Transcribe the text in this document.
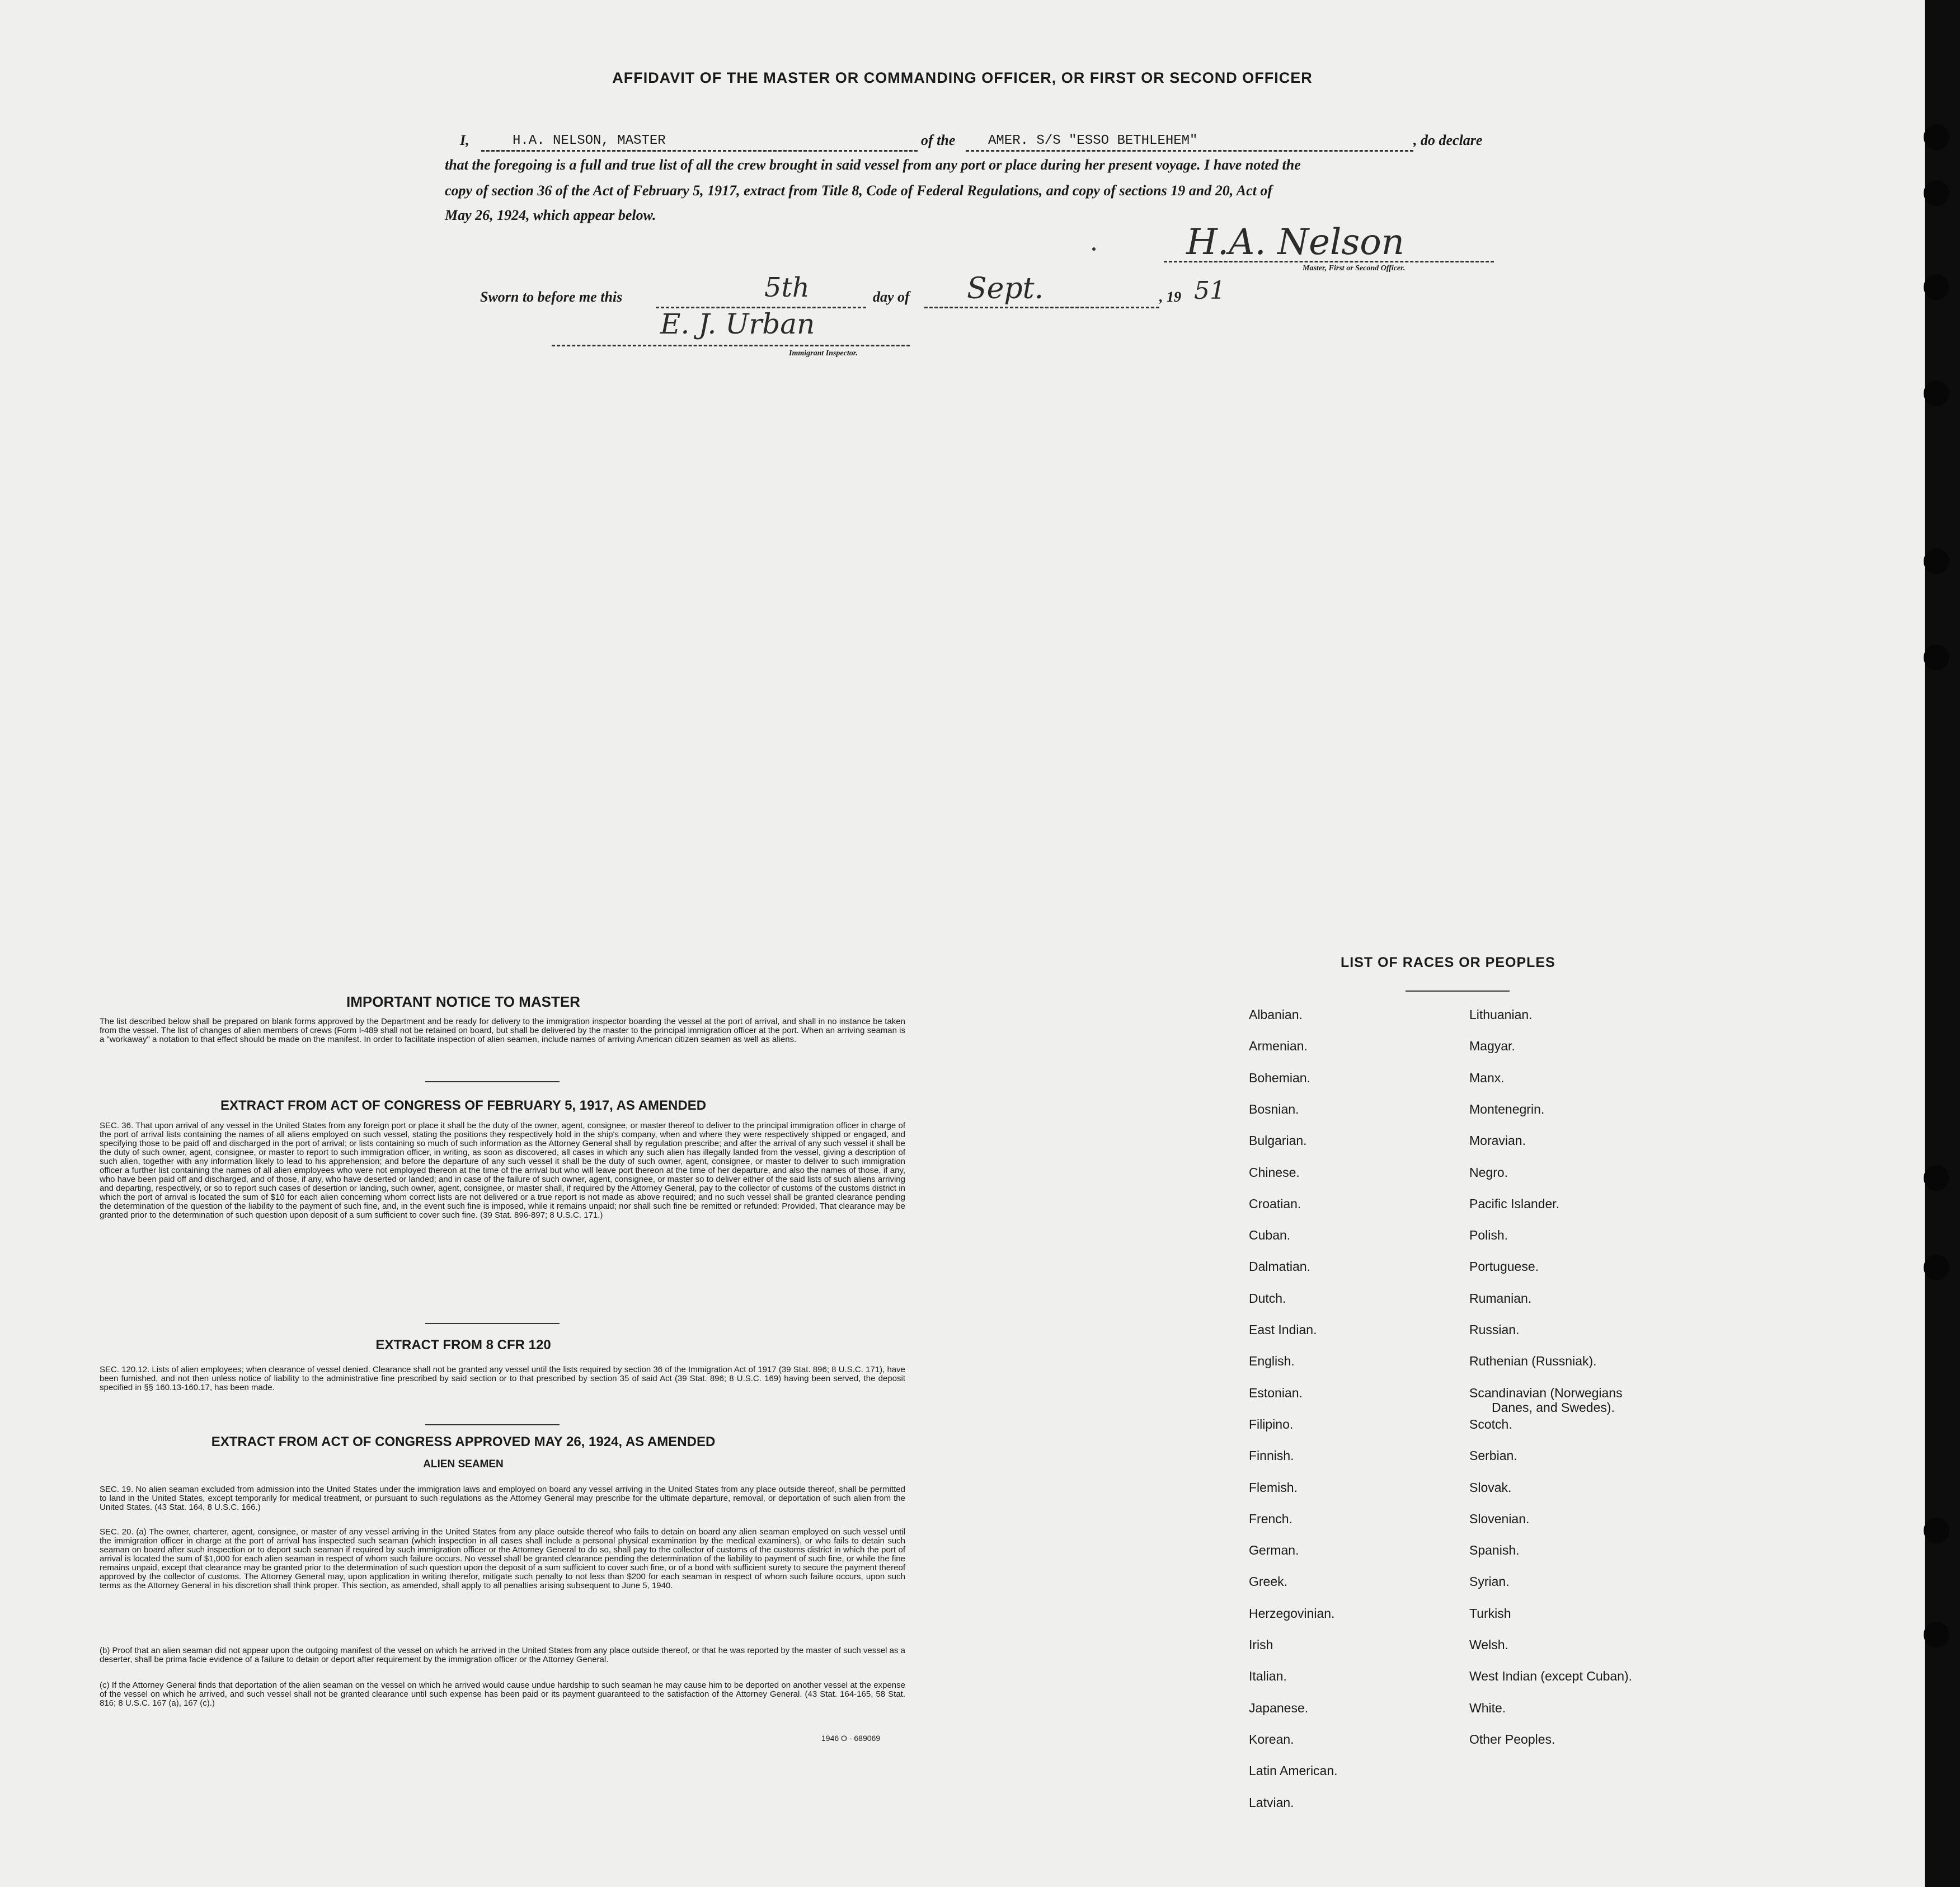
AFFIDAVIT OF THE MASTER OR COMMANDING OFFICER, OR FIRST OR SECOND OFFICER
I,	H.A. NELSON, MASTER	of the AMER. S/S "ESSO BETHLEHEM"	, do declare
that the foregoing is a full and true list of all the crew brought in said vessel from any port or place during her present voyage. I have noted the
copy of section 36 of the Act of February 5, 1917, extract from Title 8, Code of Federal Regulations, and copy of sections 19 and 20, Act of
May 26, 1924, which appear below.
H.A. Nelson
Master, First or Second Officer.
Sworn to before me this	5th	day of Sept.	, 19 51
E. J. Urban
Immigrant Inspector.
IMPORTANT NOTICE TO MASTER
The list described below shall be prepared on blank forms approved by the Department and be ready for delivery to the immigration inspector boarding the vessel at the port of arrival, and shall in no instance be taken from the vessel. The list of changes of alien members of crews (Form I-489 shall not be retained on board, but shall be delivered by the master to the principal immigration officer at the port. When an arriving seaman is a "workaway" a notation to that effect should be made on the manifest. In order to facilitate inspection of alien seamen, include names of arriving American citizen seamen as well as aliens.
EXTRACT FROM ACT OF CONGRESS OF FEBRUARY 5, 1917, AS AMENDED
SEC. 36. That upon arrival of any vessel in the United States from any foreign port or place it shall be the duty of the owner, agent, consignee, or master thereof to deliver to the principal immigration officer in charge of the port of arrival lists containing the names of all aliens employed on such vessel, stating the positions they respectively hold in the ship's company, when and where they were respectively shipped or engaged, and specifying those to be paid off and discharged in the port of arrival; or lists containing so much of such information as the Attorney General shall by regulation prescribe; and after the arrival of any such vessel it shall be the duty of such owner, agent, consignee, or master to report to such immigration officer, in writing, as soon as discovered, all cases in which any such alien has illegally landed from the vessel, giving a description of such alien, together with any information likely to lead to his apprehension; and before the departure of any such vessel it shall be the duty of such owner, agent, consignee, or master to deliver to such immigration officer a further list containing the names of all alien employees who were not employed thereon at the time of the arrival but who will leave port thereon at the time of her departure, and also the names of those, if any, who have been paid off and discharged, and of those, if any, who have deserted or landed; and in case of the failure of such owner, agent, consignee, or master so to deliver either of the said lists of such aliens arriving and departing, respectively, or so to report such cases of desertion or landing, such owner, agent, consignee, or master shall, if required by the Attorney General, pay to the collector of customs of the customs district in which the port of arrival is located the sum of $10 for each alien concerning whom correct lists are not delivered or a true report is not made as above required; and no such vessel shall be granted clearance pending the determination of the question of the liability to the payment of such fine, and, in the event such fine is imposed, while it remains unpaid; nor shall such fine be remitted or refunded: Provided, That clearance may be granted prior to the determination of such question upon deposit of a sum sufficient to cover such fine. (39 Stat. 896-897; 8 U.S.C. 171.)
EXTRACT FROM 8 CFR 120
SEC. 120.12. Lists of alien employees; when clearance of vessel denied. Clearance shall not be granted any vessel until the lists required by section 36 of the Immigration Act of 1917 (39 Stat. 896; 8 U.S.C. 171), have been furnished, and not then unless notice of liability to the administrative fine prescribed by said section or to that prescribed by section 35 of said Act (39 Stat. 896; 8 U.S.C. 169) having been served, the deposit specified in §§ 160.13-160.17, has been made.
EXTRACT FROM ACT OF CONGRESS APPROVED MAY 26, 1924, AS AMENDED
ALIEN SEAMEN
SEC. 19. No alien seaman excluded from admission into the United States under the immigration laws and employed on board any vessel arriving in the United States from any place outside thereof, shall be permitted to land in the United States, except temporarily for medical treatment, or pursuant to such regulations as the Attorney General may prescribe for the ultimate departure, removal, or deportation of such alien from the United States. (43 Stat. 164, 8 U.S.C. 166.)
SEC. 20. (a) The owner, charterer, agent, consignee, or master of any vessel arriving in the United States from any place outside thereof who fails to detain on board any alien seaman employed on such vessel until the immigration officer in charge at the port of arrival has inspected such seaman (which inspection in all cases shall include a personal physical examination by the medical examiners), or who fails to detain such seaman on board after such inspection or to deport such seaman if required by such immigration officer or the Attorney General to do so, shall pay to the collector of customs of the customs district in which the port of arrival is located the sum of $1,000 for each alien seaman in respect of whom such failure occurs. No vessel shall be granted clearance pending the determination of the liability to payment of such fine, or while the fine remains unpaid, except that clearance may be granted prior to the determination of such question upon the deposit of a sum sufficient to cover such fine, or of a bond with sufficient surety to secure the payment thereof approved by the collector of customs. The Attorney General may, upon application in writing therefor, mitigate such penalty to not less than $200 for each seaman in respect of whom such failure occurs, upon such terms as the Attorney General in his discretion shall think proper. This section, as amended, shall apply to all penalties arising subsequent to June 5, 1940.
(b) Proof that an alien seaman did not appear upon the outgoing manifest of the vessel on which he arrived in the United States from any place outside thereof, or that he was reported by the master of such vessel as a deserter, shall be prima facie evidence of a failure to detain or deport after requirement by the immigration officer or the Attorney General.
(c) If the Attorney General finds that deportation of the alien seaman on the vessel on which he arrived would cause undue hardship to such seaman he may cause him to be deported on another vessel at the expense of the vessel on which he arrived, and such vessel shall not be granted clearance until such expense has been paid or its payment guaranteed to the satisfaction of the Attorney General. (43 Stat. 164-165, 58 Stat. 816; 8 U.S.C. 167 (a), 167 (c).)
1946 O - 689069
LIST OF RACES OR PEOPLES
Albanian.
Armenian.
Bohemian.
Bosnian.
Bulgarian.
Chinese.
Croatian.
Cuban.
Dalmatian.
Dutch.
East Indian.
English.
Estonian.
Filipino.
Finnish.
Flemish.
French.
German.
Greek.
Herzegovinian.
Irish
Italian.
Japanese.
Korean.
Latin American.
Latvian.
Lithuanian.
Magyar.
Manx.
Montenegrin.
Moravian.
Negro.
Pacific Islander.
Polish.
Portuguese.
Rumanian.
Russian.
Ruthenian (Russniak).
Scandinavian (Norwegians
Danes, and Swedes).
Scotch.
Serbian.
Slovak.
Slovenian.
Spanish.
Syrian.
Turkish
Welsh.
West Indian (except Cuban).
White.
Other Peoples.
